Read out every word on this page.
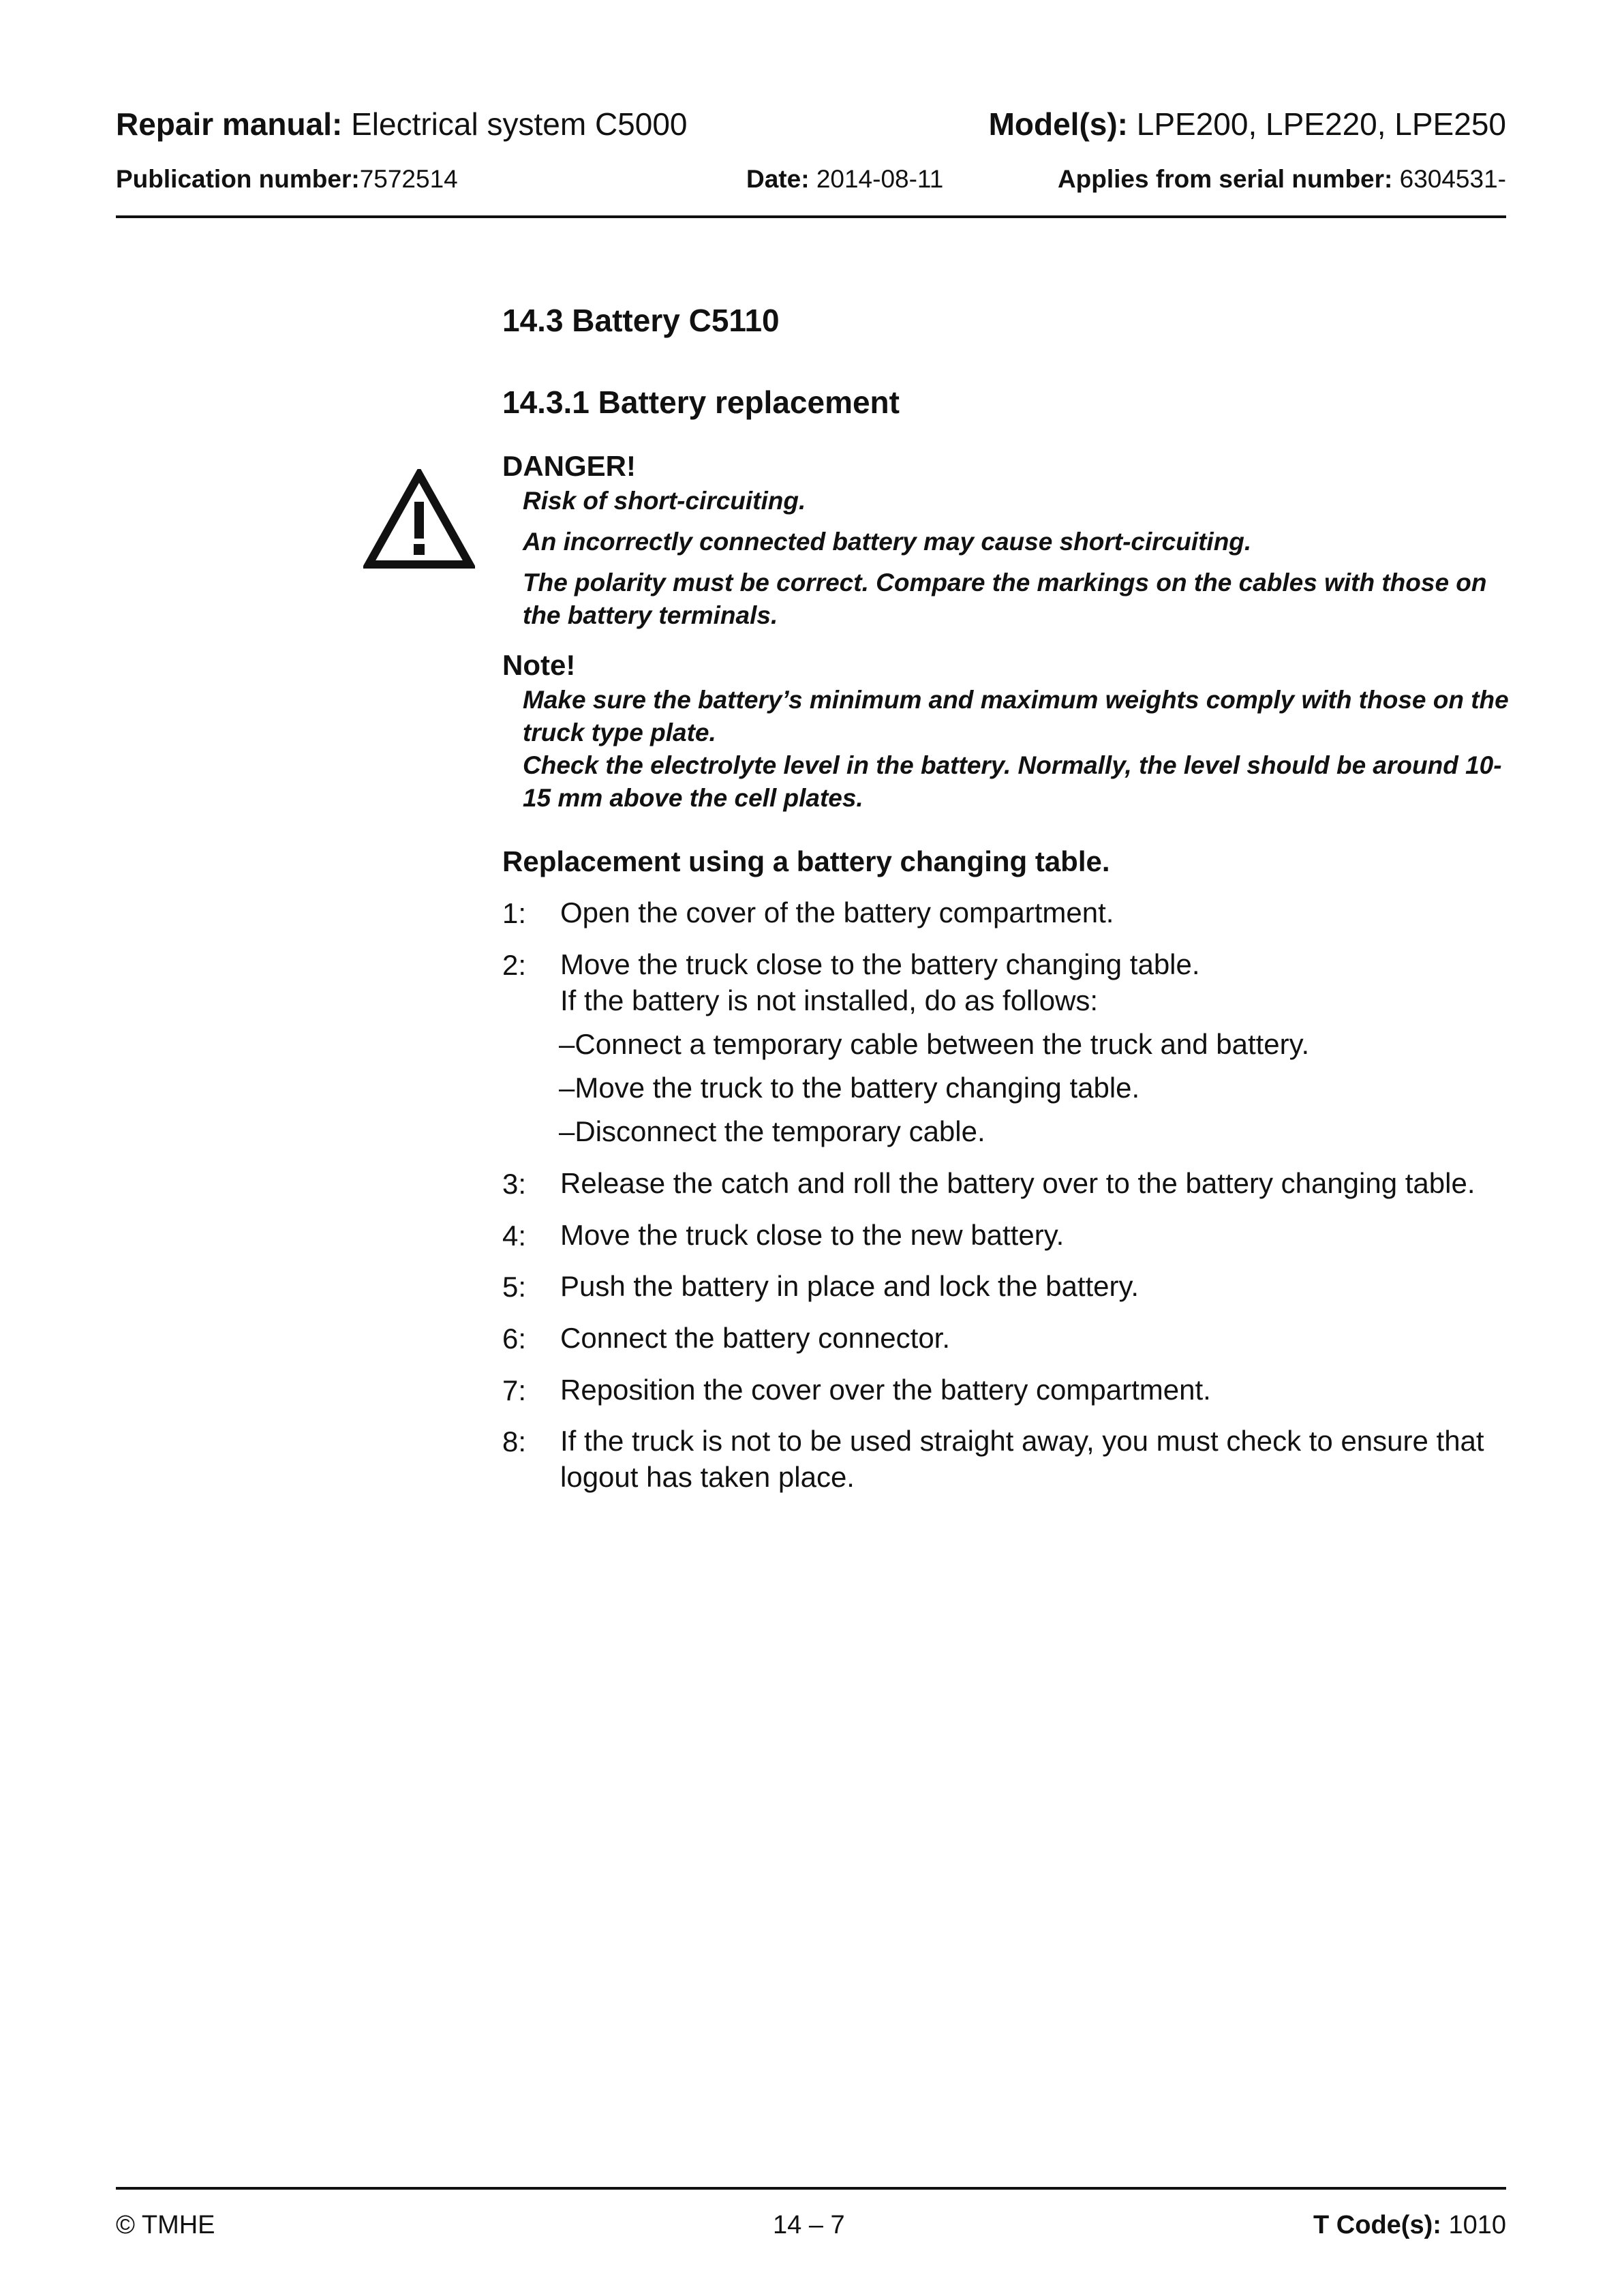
Repair manual: Electrical system C5000	Model(s): LPE200, LPE220, LPE250
Publication number:7572514	Date: 2014-08-11	Applies from serial number: 6304531-
14.3 Battery C5110
14.3.1 Battery replacement
DANGER!
Risk of short-circuiting.
An incorrectly connected battery may cause short-circuiting.
The polarity must be correct. Compare the markings on the cables with those on the battery terminals.
Note!
Make sure the battery’s minimum and maximum weights comply with those on the truck type plate.
Check the electrolyte level in the battery. Normally, the level should be around 10-15 mm above the cell plates.
Replacement using a battery changing table.
1: Open the cover of the battery compartment.
2: Move the truck close to the battery changing table.
If the battery is not installed, do as follows:
–Connect a temporary cable between the truck and battery.
–Move the truck to the battery changing table.
–Disconnect the temporary cable.
3: Release the catch and roll the battery over to the battery changing table.
4: Move the truck close to the new battery.
5: Push the battery in place and lock the battery.
6: Connect the battery connector.
7: Reposition the cover over the battery compartment.
8: If the truck is not to be used straight away, you must check to ensure that logout has taken place.
© TMHE	14 – 7	T Code(s): 1010
